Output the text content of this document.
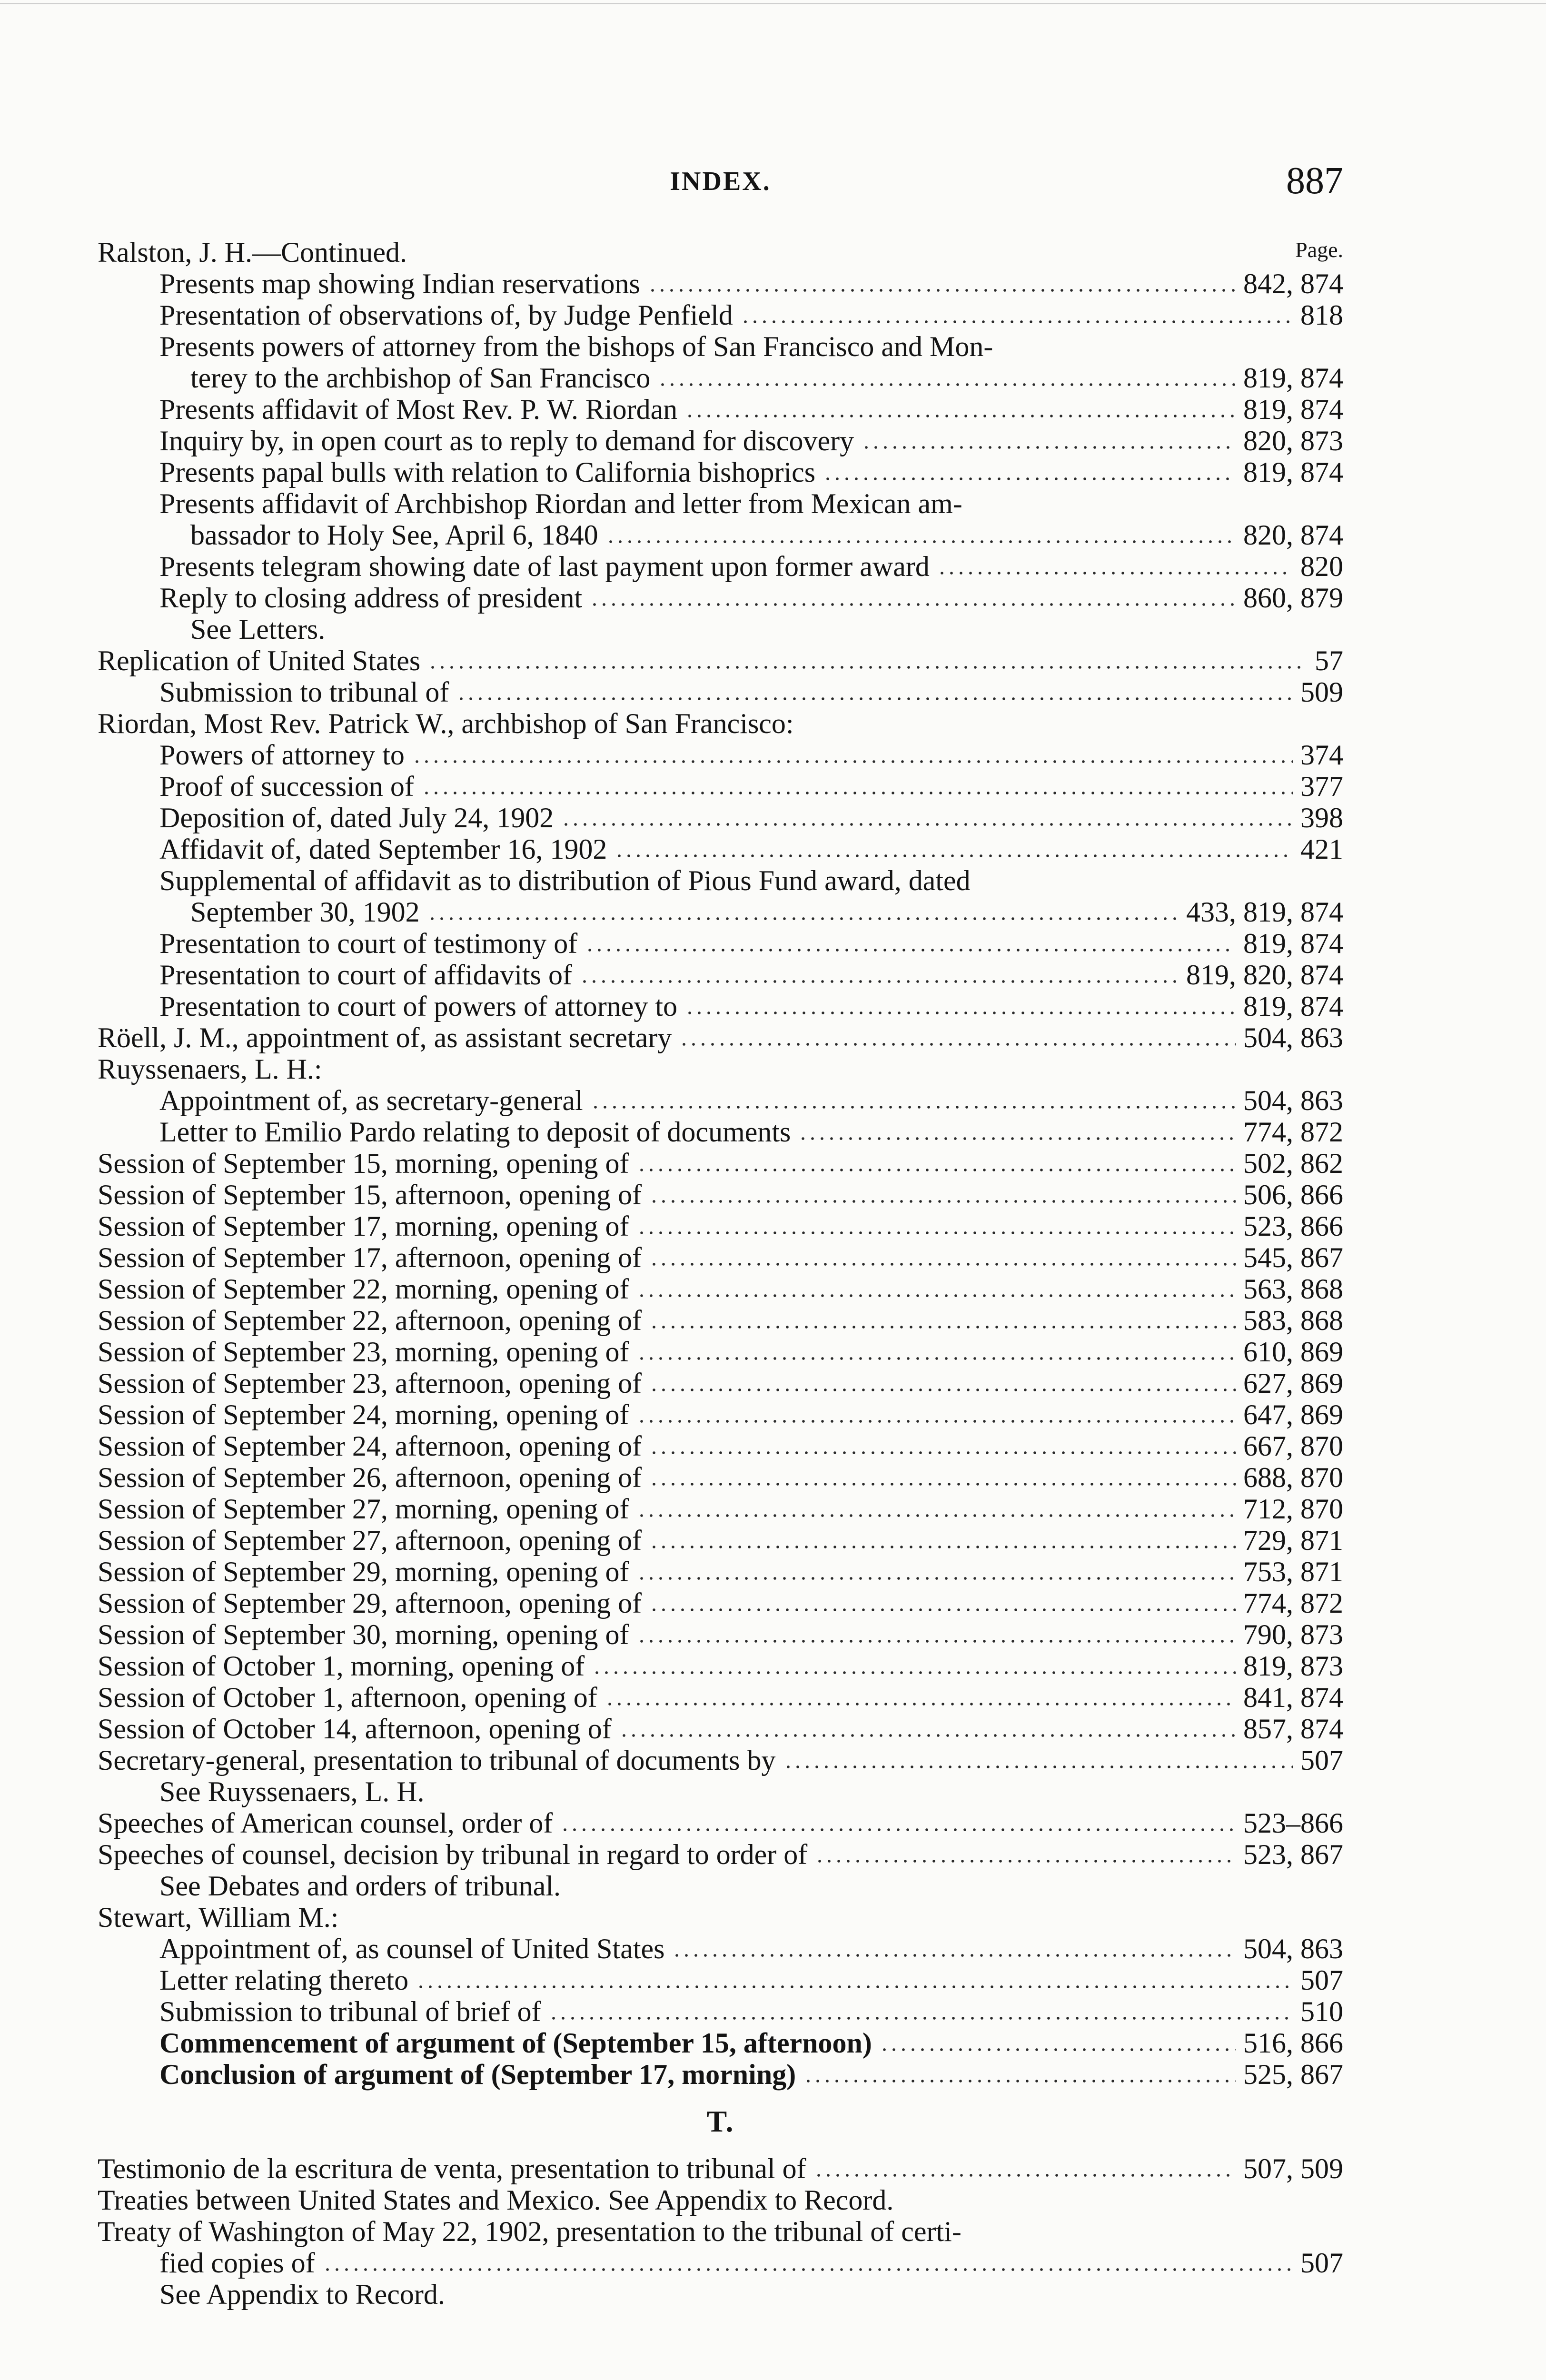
INDEX.	887
Page.
Ralston, J. H.—Continued.
Presents map showing Indian reservations	842, 874
Presentation of observations of, by Judge Penfield	818
Presents powers of attorney from the bishops of San Francisco and Mon-
terey to the archbishop of San Francisco	819, 874
Presents affidavit of Most Rev. P. W. Riordan	819, 874
Inquiry by, in open court as to reply to demand for discovery	820, 873
Presents papal bulls with relation to California bishoprics	819, 874
Presents affidavit of Archbishop Riordan and letter from Mexican am-
bassador to Holy See, April 6, 1840	820, 874
Presents telegram showing date of last payment upon former award	820
Reply to closing address of president	860, 879
See Letters.
Replication of United States	57
Submission to tribunal of	509
Riordan, Most Rev. Patrick W., archbishop of San Francisco:
Powers of attorney to	374
Proof of succession of	377
Deposition of, dated July 24, 1902	398
Affidavit of, dated September 16, 1902	421
Supplemental of affidavit as to distribution of Pious Fund award, dated
September 30, 1902	433, 819, 874
Presentation to court of testimony of	819, 874
Presentation to court of affidavits of	819, 820, 874
Presentation to court of powers of attorney to	819, 874
Röell, J. M., appointment of, as assistant secretary	504, 863
Ruyssenaers, L. H.:
Appointment of, as secretary-general	504, 863
Letter to Emilio Pardo relating to deposit of documents	774, 872
Session of September 15, morning, opening of	502, 862
Session of September 15, afternoon, opening of	506, 866
Session of September 17, morning, opening of	523, 866
Session of September 17, afternoon, opening of	545, 867
Session of September 22, morning, opening of	563, 868
Session of September 22, afternoon, opening of	583, 868
Session of September 23, morning, opening of	610, 869
Session of September 23, afternoon, opening of	627, 869
Session of September 24, morning, opening of	647, 869
Session of September 24, afternoon, opening of	667, 870
Session of September 26, afternoon, opening of	688, 870
Session of September 27, morning, opening of	712, 870
Session of September 27, afternoon, opening of	729, 871
Session of September 29, morning, opening of	753, 871
Session of September 29, afternoon, opening of	774, 872
Session of September 30, morning, opening of	790, 873
Session of October 1, morning, opening of	819, 873
Session of October 1, afternoon, opening of	841, 874
Session of October 14, afternoon, opening of	857, 874
Secretary-general, presentation to tribunal of documents by	507
See Ruyssenaers, L. H.
Speeches of American counsel, order of	523–866
Speeches of counsel, decision by tribunal in regard to order of	523, 867
See Debates and orders of tribunal.
Stewart, William M.:
Appointment of, as counsel of United States	504, 863
Letter relating thereto	507
Submission to tribunal of brief of	510
Commencement of argument of (September 15, afternoon)	516, 866
Conclusion of argument of (September 17, morning)	525, 867
T.
Testimonio de la escritura de venta, presentation to tribunal of	507, 509
Treaties between United States and Mexico. See Appendix to Record.
Treaty of Washington of May 22, 1902, presentation to the tribunal of certi-
fied copies of	507
See Appendix to Record.
